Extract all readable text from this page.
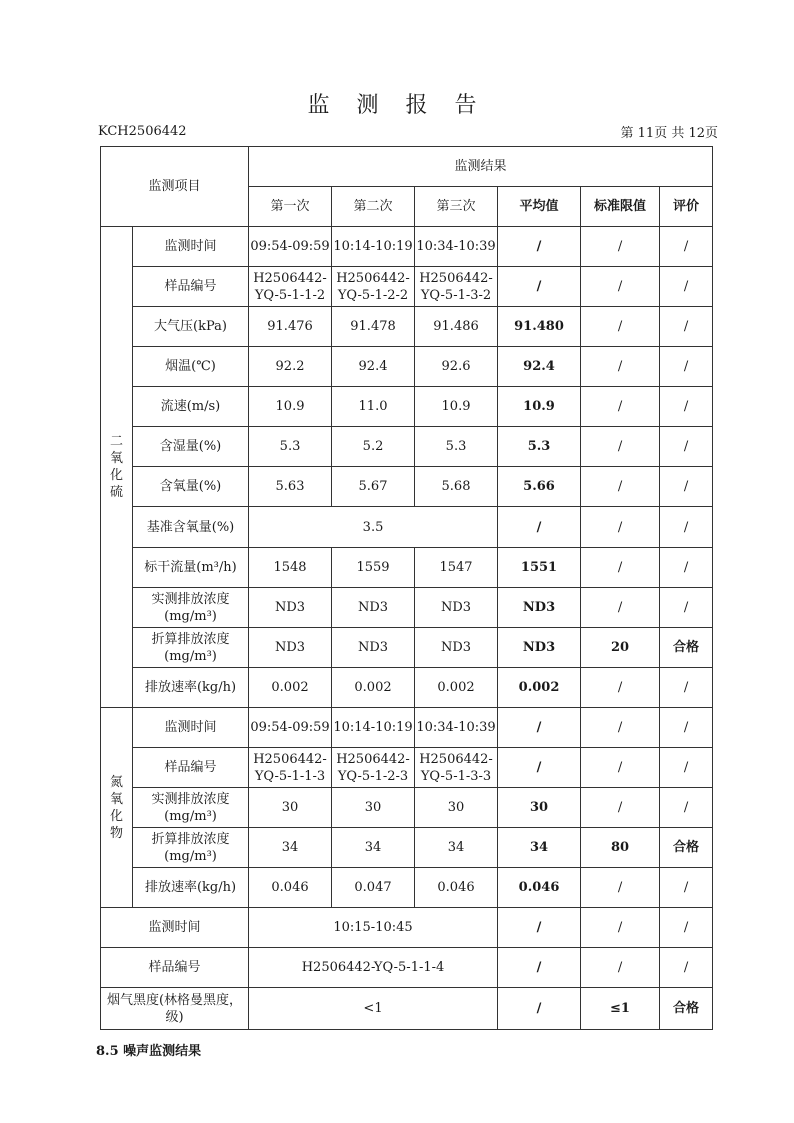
监 测 报 告
KCH2506442	第 11页 共 12页
监测项目		监测结果					
		第一次	第二次	第三次	平均值	标准限值	评价

二
氧
化
硫	监测时间	09:54-09:59	10:14-10:19	10:34-10:39	/	/	/
	样品编号	H2506442-YQ-5-1-1-2	H2506442-YQ-5-1-2-2	H2506442-YQ-5-1-3-2	/	/	/
	大气压(kPa)	91.476	91.478	91.486	91.480	/	/
	烟温(℃)	92.2	92.4	92.6	92.4	/	/
	流速(m/s)	10.9	11.0	10.9	10.9	/	/
	含湿量(%)	5.3	5.2	5.3	5.3	/	/
	含氧量(%)	5.63	5.67	5.68	5.66	/	/
	基准含氧量(%)	3.5			/	/	/
	标干流量(m³/h)	1548	1559	1547	1551	/	/
	实测排放浓度(mg/m³)	ND3	ND3	ND3	ND3	/	/
	折算排放浓度(mg/m³)	ND3	ND3	ND3	ND3	20	合格
	排放速率(kg/h)	0.002	0.002	0.002	0.002	/	/

氮
氧
化
物	监测时间	09:54-09:59	10:14-10:19	10:34-10:39	/	/	/
	样品编号	H2506442-YQ-5-1-1-3	H2506442-YQ-5-1-2-3	H2506442-YQ-5-1-3-3	/	/	/
	实测排放浓度(mg/m³)	30	30	30	30	/	/
	折算排放浓度(mg/m³)	34	34	34	34	80	合格
	排放速率(kg/h)	0.046	0.047	0.046	0.046	/	/
监测时间		10:15-10:45			/	/	/
样品编号		H2506442-YQ-5-1-1-4			/	/	/
烟气黑度(林格曼黑度，级)		<1			/	≤1	合格
8.5 噪声监测结果
